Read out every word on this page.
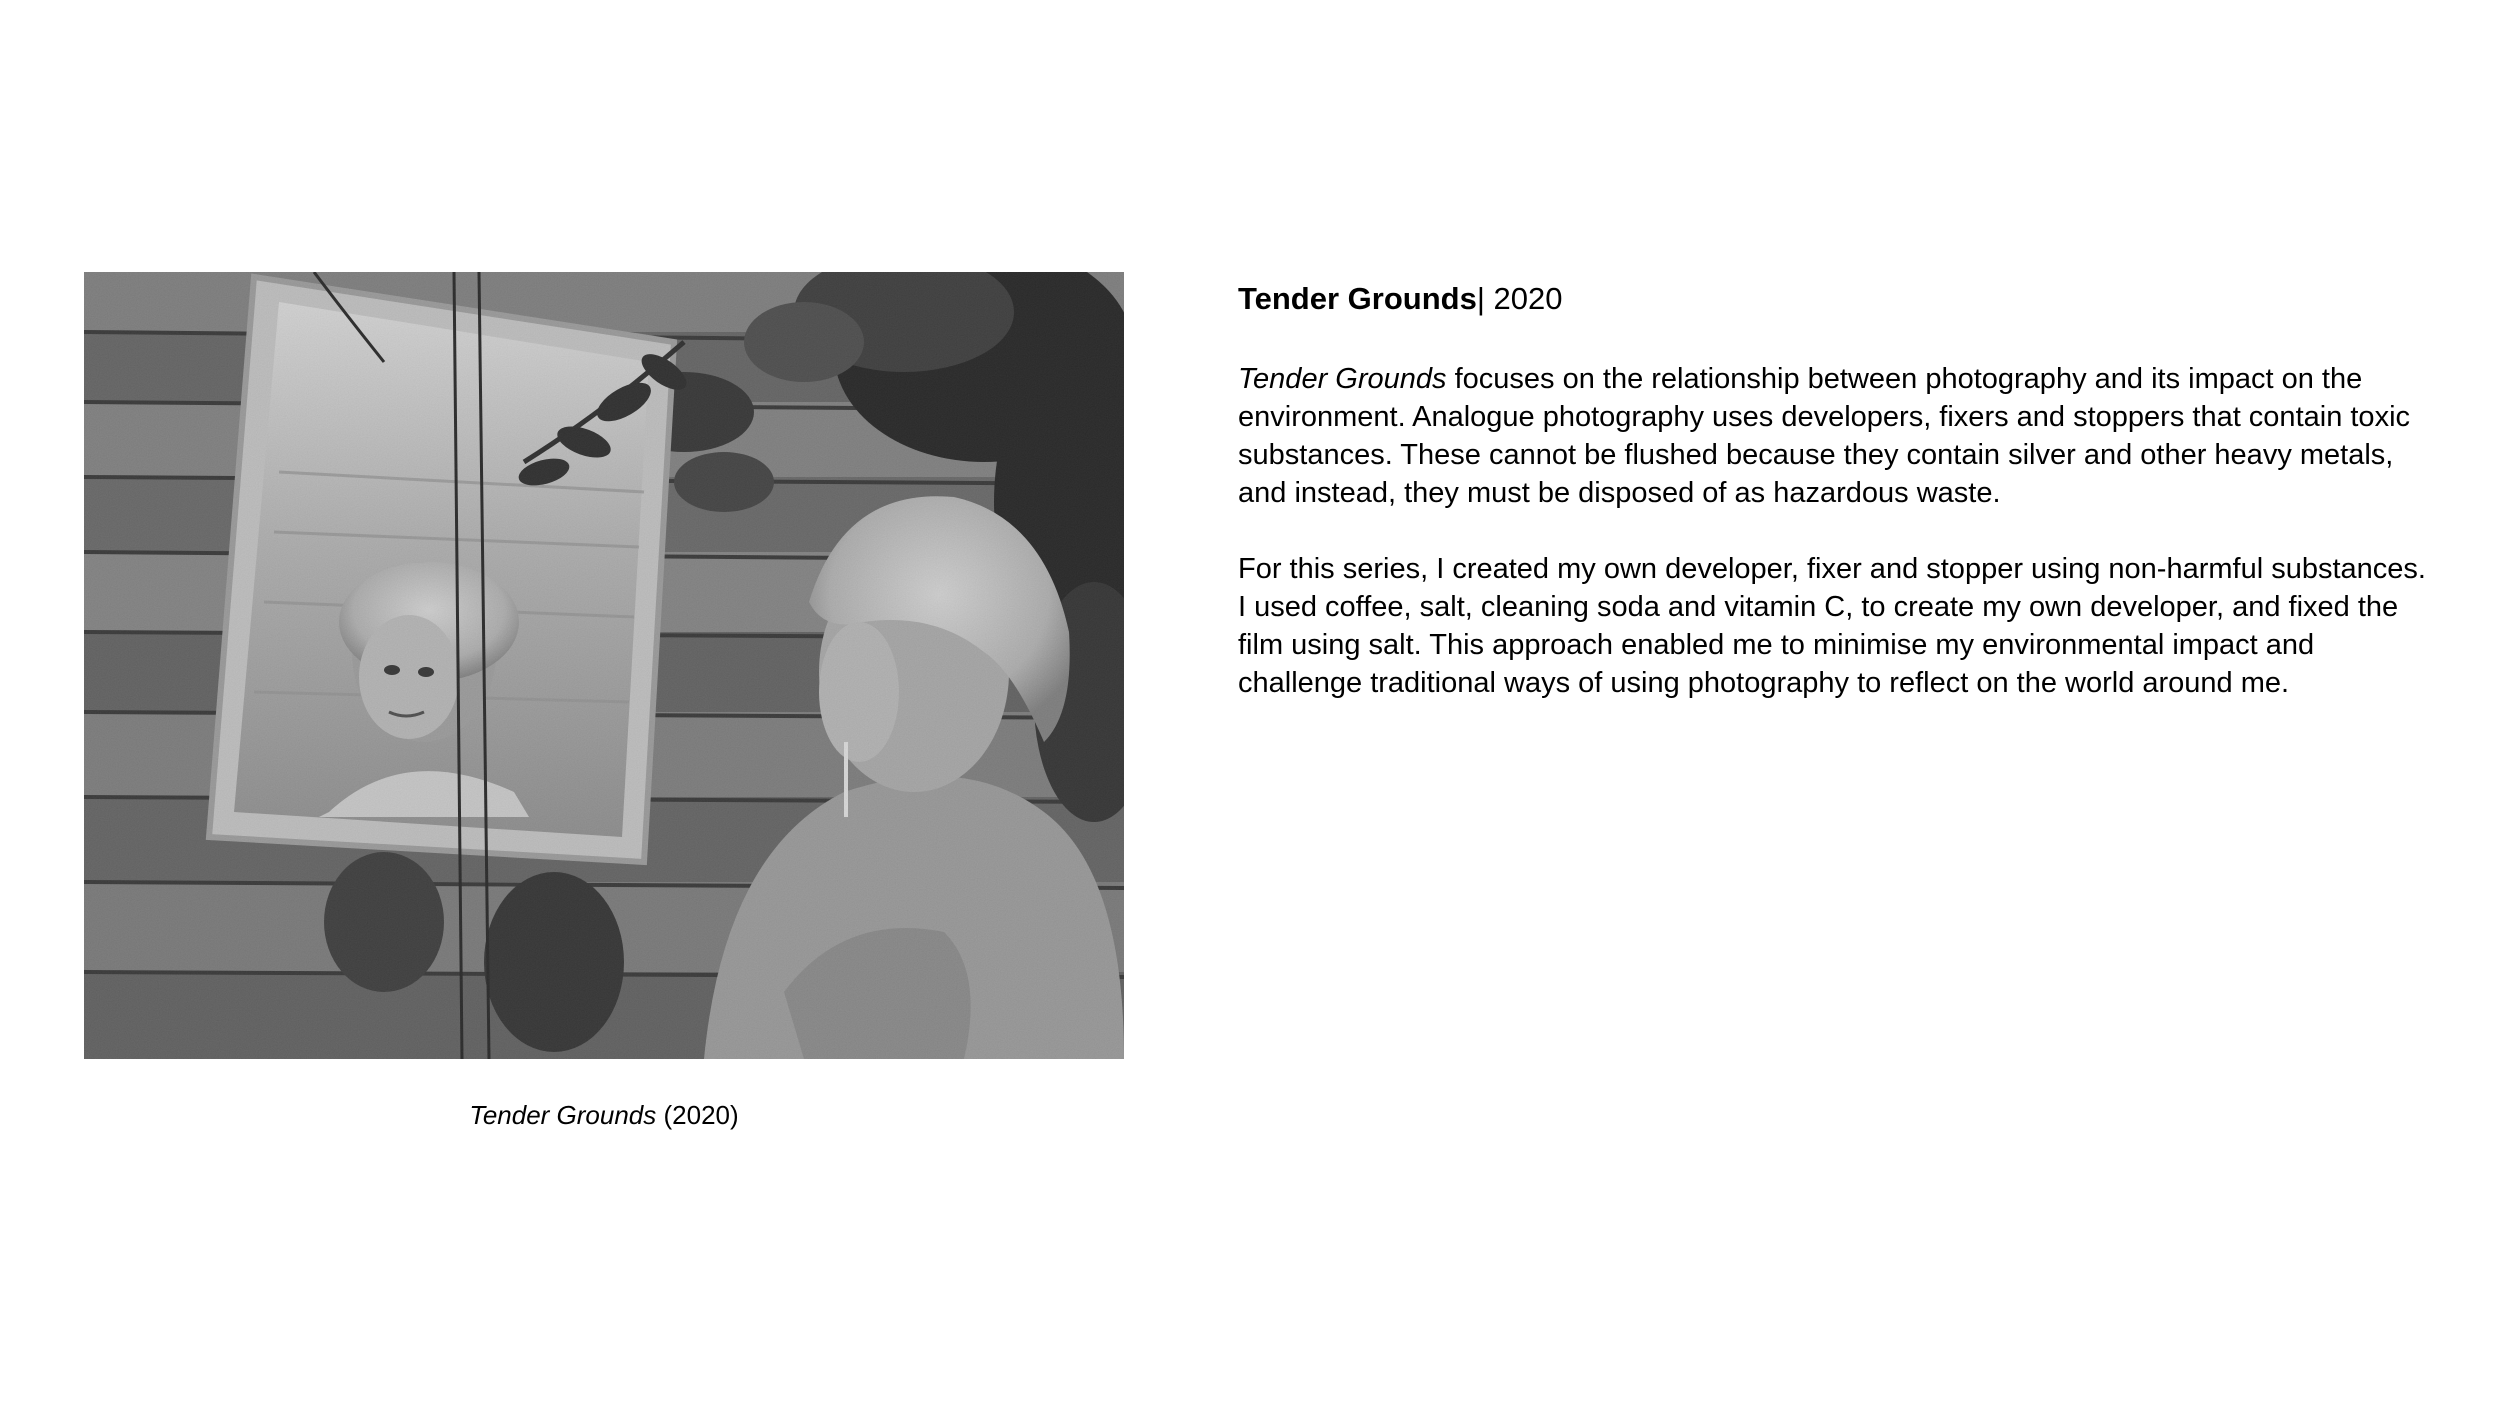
Tender Grounds (2020)
Tender Grounds| 2020

Tender Grounds focuses on the relationship between photography and its impact on the environment. Analogue photography uses developers, fixers and stoppers that contain toxic substances. These cannot be flushed because they contain silver and other heavy metals, and instead, they must be disposed of as hazardous waste.

For this series, I created my own developer, fixer and stopper using non-harmful substances. I used coffee, salt, cleaning soda and vitamin C, to create my own developer, and fixed the film using salt. This approach enabled me to minimise my environmental impact and challenge traditional ways of using photography to reflect on the world around me.
